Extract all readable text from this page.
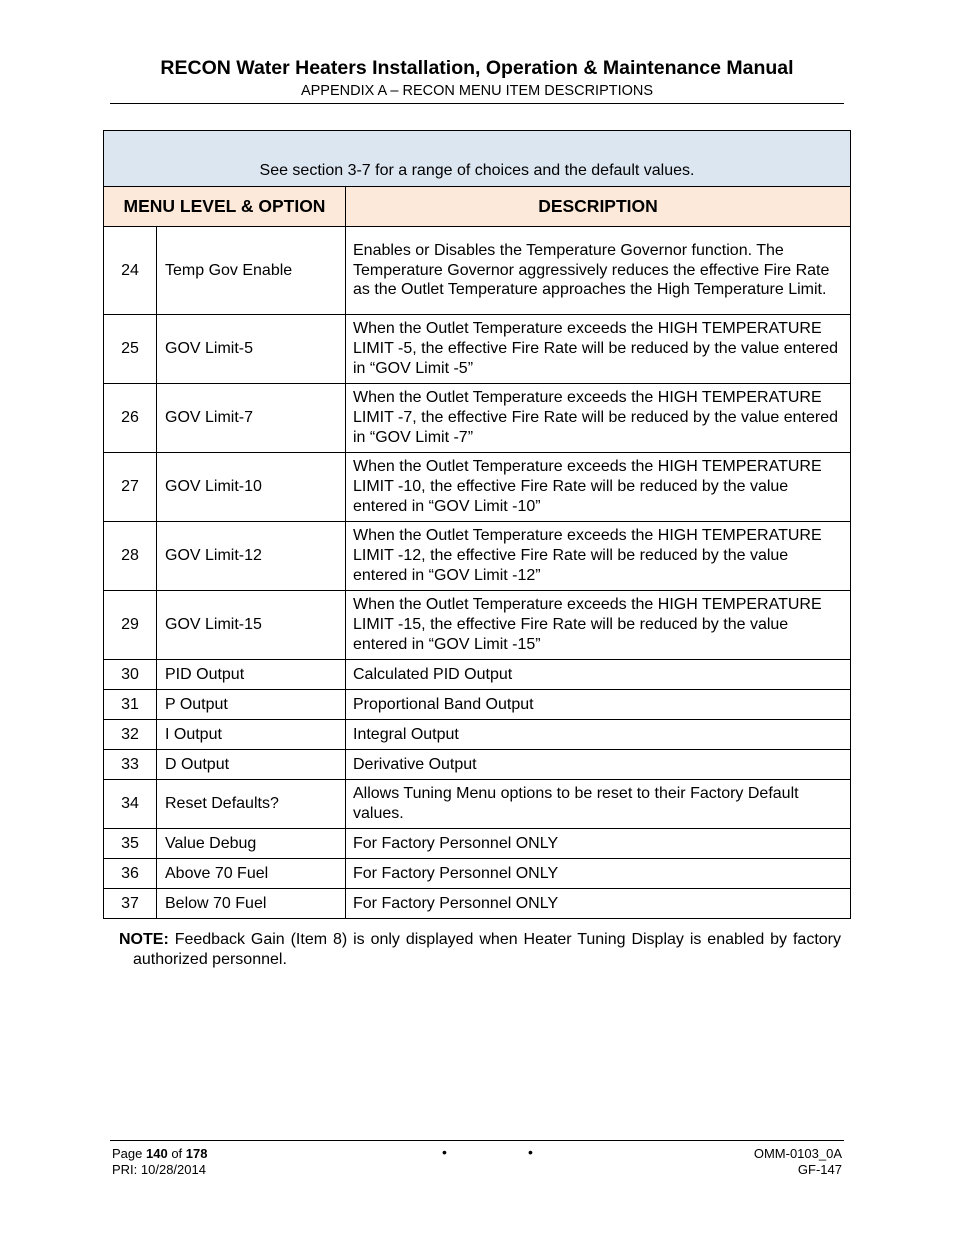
RECON Water Heaters Installation, Operation & Maintenance Manual
APPENDIX A – RECON MENU ITEM DESCRIPTIONS
See section 3-7 for a range of choices and the default values.		
MENU LEVEL & OPTION		DESCRIPTION
24	Temp Gov Enable	Enables or Disables the Temperature Governor function. The Temperature Governor aggressively reduces the effective Fire Rate as the Outlet Temperature approaches the High Temperature Limit.
25	GOV Limit-5	When the Outlet Temperature exceeds the HIGH TEMPERATURE LIMIT -5, the effective Fire Rate will be reduced by the value entered in “GOV Limit -5”
26	GOV Limit-7	When the Outlet Temperature exceeds the HIGH TEMPERATURE LIMIT -7, the effective Fire Rate will be reduced by the value entered in “GOV Limit -7”
27	GOV Limit-10	When the Outlet Temperature exceeds the HIGH TEMPERATURE LIMIT -10, the effective Fire Rate will be reduced by the value entered in “GOV Limit -10”
28	GOV Limit-12	When the Outlet Temperature exceeds the HIGH TEMPERATURE LIMIT -12, the effective Fire Rate will be reduced by the value entered in “GOV Limit -12”
29	GOV Limit-15	When the Outlet Temperature exceeds the HIGH TEMPERATURE LIMIT -15, the effective Fire Rate will be reduced by the value entered in “GOV Limit -15”
30	PID Output	Calculated PID Output
31	P Output	Proportional Band Output
32	I Output	Integral Output
33	D Output	Derivative Output
34	Reset Defaults?	Allows Tuning Menu options to be reset to their Factory Default values.
35	Value Debug	For Factory Personnel ONLY
36	Above 70 Fuel	For Factory Personnel ONLY
37	Below 70 Fuel	For Factory Personnel ONLY
NOTE: Feedback Gain (Item 8) is only displayed when Heater Tuning Display is enabled by factory authorized personnel.
Page 140 of 178
PRI: 10/28/2014
•	•	OMM-0103_0A
GF-147
